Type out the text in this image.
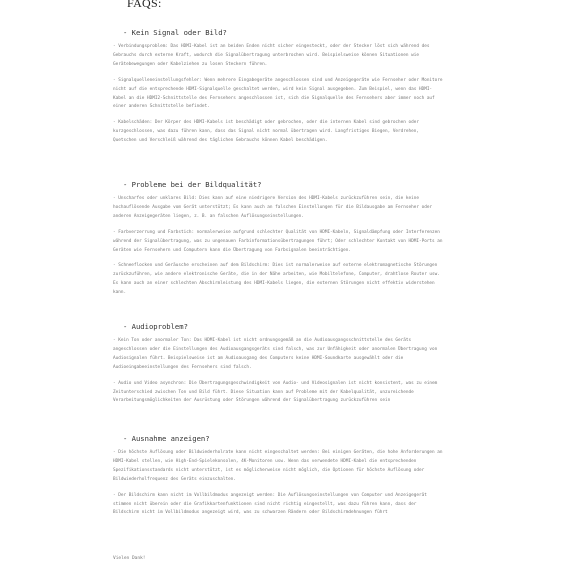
FAQS:
- Kein Signal oder Bild?

- Verbindungsproblem: Das HDMI-Kabel ist an beiden Enden nicht sicher eingesteckt, oder der Stecker löst sich während des Gebrauchs durch externe Kraft, wodurch die Signalübertragung unterbrochen wird. Beispielsweise können Situationen wie Gerätebewegungen oder Kabelziehen zu losen Steckern führen.

- Signalquelleneinstellungsfehler: Wenn mehrere Eingabegeräte angeschlossen sind und Anzeigegeräte wie Fernseher oder Monitore nicht auf die entsprechende HDMI-Signalquelle geschaltet werden, wird kein Signal ausgegeben. Zum Beispiel, wenn das HDMI-Kabel an die HDMI2-Schnittstelle des Fernsehers angeschlossen ist, sich die Signalquelle des Fernsehers aber immer noch auf einer anderen Schnittstelle befindet.

- Kabelschäden: Der Körper des HDMI-Kabels ist beschädigt oder gebrochen, oder die internen Kabel sind gebrochen oder kurzgeschlossen, was dazu führen kann, dass das Signal nicht normal übertragen wird. Langfristiges Biegen, Verdrehen, Quetschen und Verschleiß während des täglichen Gebrauchs können Kabel beschädigen.

- Probleme bei der Bildqualität?

- Unscharfes oder unklares Bild: Dies kann auf eine niedrigere Version des HDMI-Kabels zurückzuführen sein, die keine hochauflösende Ausgabe vom Gerät unterstützt; Es kann auch an falschen Einstellungen für die Bildausgabe am Fernseher oder anderen Anzeigegeräten liegen, z. B. an falschen Auflösungseinstellungen.

- Farbverzerrung und Farbstich: normalerweise aufgrund schlechter Qualität von HDMI-Kabeln, Signaldämpfung oder Interferenzen während der Signalübertragung, was zu ungenauen Farbinformationsübertragungen führt; Oder schlechter Kontakt von HDMI-Ports an Geräten wie Fernsehern und Computern kann die Übertragung von Farbsignalen beeinträchtigen.

- Schneeflocken und Geräusche erscheinen auf dem Bildschirm: Dies ist normalerweise auf externe elektromagnetische Störungen zurückzuführen, wie andere elektronische Geräte, die in der Nähe arbeiten, wie Mobiltelefone, Computer, drahtlose Router usw. Es kann auch an einer schlechten Abschirmleistung des HDMI-Kabels liegen, die externen Störungen nicht effektiv widerstehen kann.

- Audioproblem?

- Kein Ton oder anormaler Ton: Das HDMI-Kabel ist nicht ordnungsgemäß an die Audioausgangsschnittstelle des Geräts angeschlossen oder die Einstellungen des Audioausgangsgeräts sind falsch, was zur Unfähigkeit oder anormalen Übertragung von Audiosignalen führt. Beispielsweise ist am Audioausgang des Computers keine HDMI-Soundkarte ausgewählt oder die Audioeingabeeinstellungen des Fernsehers sind falsch.

- Audio und Video asynchron: Die Übertragungsgeschwindigkeit von Audio- und Videosignalen ist nicht konsistent, was zu einem Zeitunterschied zwischen Ton und Bild führt. Diese Situation kann auf Probleme mit der Kabelqualität, unzureichende Verarbeitungsmöglichkeiten der Ausrüstung oder Störungen während der Signalübertragung zurückzuführen sein

- Ausnahme anzeigen?

- Die höchste Auflösung oder Bildwiederholrate kann nicht eingeschaltet werden: Bei einigen Geräten, die hohe Anforderungen an HDMI-Kabel stellen, wie High-End-Spielekonsolen, 4K-Monitoren usw. Wenn das verwendete HDMI-Kabel die entsprechenden Spezifikationsstandards nicht unterstützt, ist es möglicherweise nicht möglich, die Optionen für höchste Auflösung oder Bildwiederholfrequenz des Geräts einzuschalten.

- Der Bildschirm kann nicht im Vollbildmodus angezeigt werden: Die Auflösungseinstellungen von Computer und Anzeigegerät stimmen nicht überein oder die Grafikkartenfunktionen sind nicht richtig eingestellt, was dazu führen kann, dass der Bildschirm nicht im Vollbildmodus angezeigt wird, was zu schwarzen Rändern oder Bildschirmdehnungen führt

Vielen Dank!
